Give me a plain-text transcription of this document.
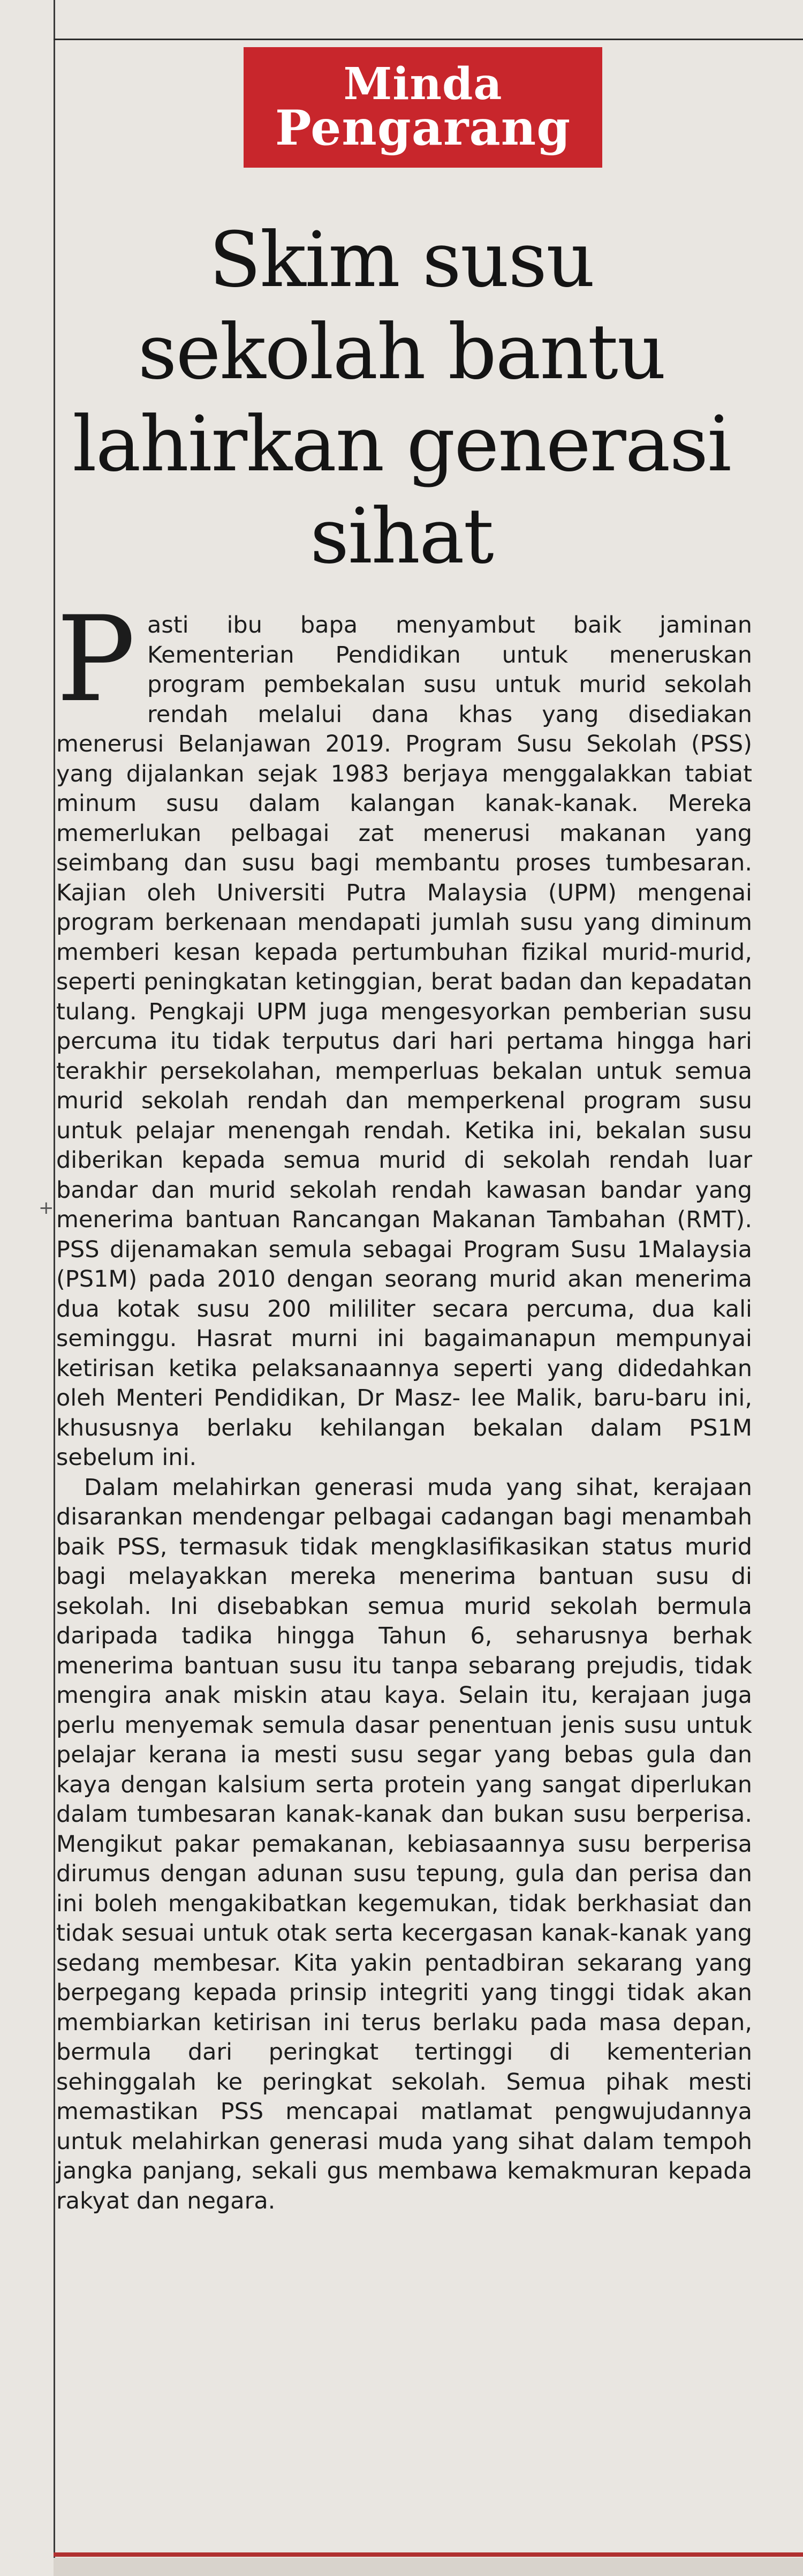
Minda
Pengarang
Skim susu sekolah bantu lahirkan generasi sihat
+
P asti ibu bapa menyambut baik jaminan Kementerian Pendidikan untuk meneruskan program pembekalan susu untuk murid sekolah rendah melalui dana khas yang disediakan menerusi Belanjawan 2019. Program Susu Sekolah (PSS) yang dijalankan sejak 1983 berjaya menggalakkan tabiat minum susu dalam kalangan kanak-kanak. Mereka memerlukan pelbagai zat menerusi makanan yang seimbang dan susu bagi membantu proses tumbesaran. Kajian oleh Universiti Putra Malaysia (UPM) mengenai program berkenaan mendapati jumlah susu yang diminum memberi kesan kepada pertumbuhan fizikal murid-murid, seperti peningkatan ketinggian, berat badan dan kepadatan tulang. Pengkaji UPM juga mengesyorkan pemberian susu percuma itu tidak terputus dari hari pertama hingga hari terakhir persekolahan, memperluas bekalan untuk semua murid sekolah rendah dan memperkenal program susu untuk pelajar menengah rendah. Ketika ini, bekalan susu diberikan kepada semua murid di sekolah rendah luar bandar dan murid sekolah rendah kawasan bandar yang menerima bantuan Rancangan Makanan Tambahan (RMT). PSS dijenamakan semula sebagai Program Susu 1Malaysia (PS1M) pada 2010 dengan seorang murid akan menerima dua kotak susu 200 mililiter secara percuma, dua kali seminggu. Hasrat murni ini bagaimanapun mempunyai ketirisan ketika pelaksanaannya seperti yang didedahkan oleh Menteri Pendidikan, Dr Masz- lee Malik, baru-baru ini, khususnya berlaku kehilangan bekalan dalam PS1M sebelum ini.

Dalam melahirkan generasi muda yang sihat, kerajaan disarankan mendengar pelbagai cadangan bagi menambah baik PSS, termasuk tidak mengklasifikasikan status murid bagi melayakkan mereka menerima bantuan susu di sekolah. Ini disebabkan semua murid sekolah bermula daripada tadika hingga Tahun 6, seharusnya berhak menerima bantuan susu itu tanpa sebarang prejudis, tidak mengira anak miskin atau kaya. Selain itu, kerajaan juga perlu menyemak semula dasar penentuan jenis susu untuk pelajar kerana ia mesti susu segar yang bebas gula dan kaya dengan kalsium serta protein yang sangat diperlukan dalam tumbesaran kanak-kanak dan bukan susu berperisa. Mengikut pakar pemakanan, kebiasaannya susu berperisa dirumus dengan adunan susu tepung, gula dan perisa dan ini boleh mengakibatkan kegemukan, tidak berkhasiat dan tidak sesuai untuk otak serta kecergasan kanak-kanak yang sedang membesar. Kita yakin pentadbiran sekarang yang berpegang kepada prinsip integriti yang tinggi tidak akan membiarkan ketirisan ini terus berlaku pada masa depan, bermula dari peringkat tertinggi di kementerian sehinggalah ke peringkat sekolah. Semua pihak mesti memastikan PSS mencapai matlamat pengwujudannya untuk melahirkan generasi muda yang sihat dalam tempoh jangka panjang, sekali gus membawa kemakmuran kepada rakyat dan negara.
